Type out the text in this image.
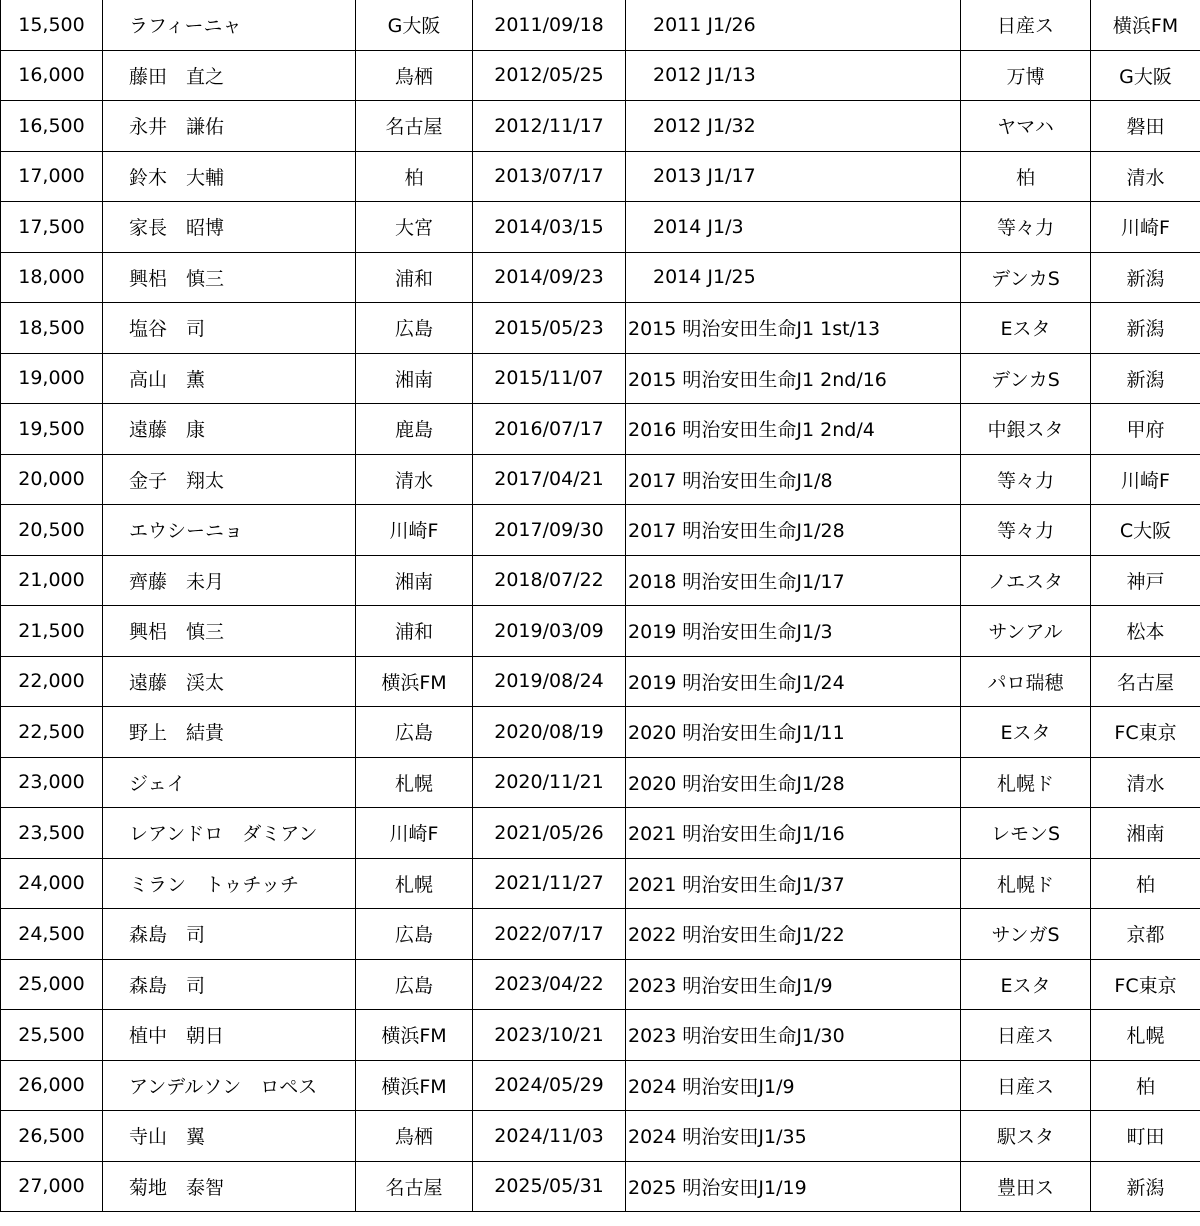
15,500	ラフィーニャ	G大阪	2011/09/18	2011 J1/26	日産ス	横浜FM
16,000	藤田　直之	鳥栖	2012/05/25	2012 J1/13	万博	G大阪
16,500	永井　謙佑	名古屋	2012/11/17	2012 J1/32	ヤマハ	磐田
17,000	鈴木　大輔	柏	2013/07/17	2013 J1/17	柏	清水
17,500	家長　昭博	大宮	2014/03/15	2014 J1/3	等々力	川崎F
18,000	興梠　慎三	浦和	2014/09/23	2014 J1/25	デンカS	新潟
18,500	塩谷　司	広島	2015/05/23	2015 明治安田生命J1 1st/13	Eスタ	新潟
19,000	高山　薫	湘南	2015/11/07	2015 明治安田生命J1 2nd/16	デンカS	新潟
19,500	遠藤　康	鹿島	2016/07/17	2016 明治安田生命J1 2nd/4	中銀スタ	甲府
20,000	金子　翔太	清水	2017/04/21	2017 明治安田生命J1/8	等々力	川崎F
20,500	エウシーニョ	川崎F	2017/09/30	2017 明治安田生命J1/28	等々力	C大阪
21,000	齊藤　未月	湘南	2018/07/22	2018 明治安田生命J1/17	ノエスタ	神戸
21,500	興梠　慎三	浦和	2019/03/09	2019 明治安田生命J1/3	サンアル	松本
22,000	遠藤　渓太	横浜FM	2019/08/24	2019 明治安田生命J1/24	パロ瑞穂	名古屋
22,500	野上　結貴	広島	2020/08/19	2020 明治安田生命J1/11	Eスタ	FC東京
23,000	ジェイ	札幌	2020/11/21	2020 明治安田生命J1/28	札幌ド	清水
23,500	レアンドロ　ダミアン	川崎F	2021/05/26	2021 明治安田生命J1/16	レモンS	湘南
24,000	ミラン　トゥチッチ	札幌	2021/11/27	2021 明治安田生命J1/37	札幌ド	柏
24,500	森島　司	広島	2022/07/17	2022 明治安田生命J1/22	サンガS	京都
25,000	森島　司	広島	2023/04/22	2023 明治安田生命J1/9	Eスタ	FC東京
25,500	植中　朝日	横浜FM	2023/10/21	2023 明治安田生命J1/30	日産ス	札幌
26,000	アンデルソン　ロペス	横浜FM	2024/05/29	2024 明治安田J1/9	日産ス	柏
26,500	寺山　翼	鳥栖	2024/11/03	2024 明治安田J1/35	駅スタ	町田
27,000	菊地　泰智	名古屋	2025/05/31	2025 明治安田J1/19	豊田ス	新潟
